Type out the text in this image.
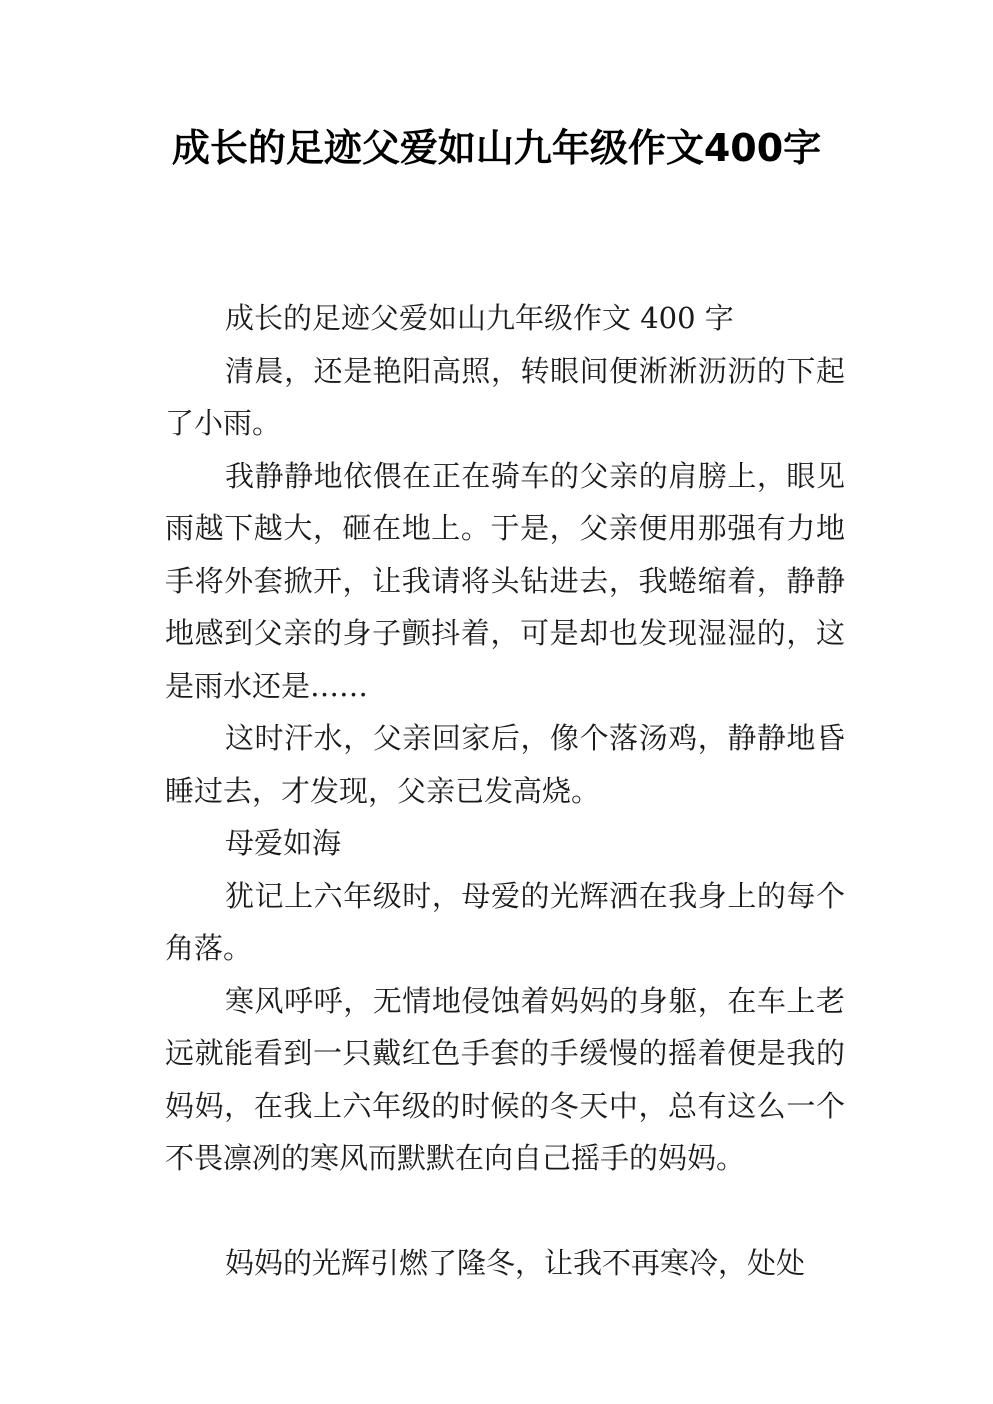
成长的足迹父爱如山九年级作文400字

成长的足迹父爱如山九年级作文 400 字

清晨，还是艳阳高照，转眼间便淅淅沥沥的下起了小雨。

我静静地依偎在正在骑车的父亲的肩膀上，眼见雨越下越大，砸在地上。于是，父亲便用那强有力地手将外套掀开，让我请将头钻进去，我蜷缩着，静静地感到父亲的身子颤抖着，可是却也发现湿湿的，这是雨水还是……

这时汗水，父亲回家后，像个落汤鸡，静静地昏睡过去，才发现，父亲已发高烧。

母爱如海

犹记上六年级时，母爱的光辉洒在我身上的每个角落。

寒风呼呼，无情地侵蚀着妈妈的身躯，在车上老远就能看到一只戴红色手套的手缓慢的摇着便是我的妈妈，在我上六年级的时候的冬天中，总有这么一个不畏凛冽的寒风而默默在向自己摇手的妈妈。

妈妈的光辉引燃了隆冬，让我不再寒冷，处处
